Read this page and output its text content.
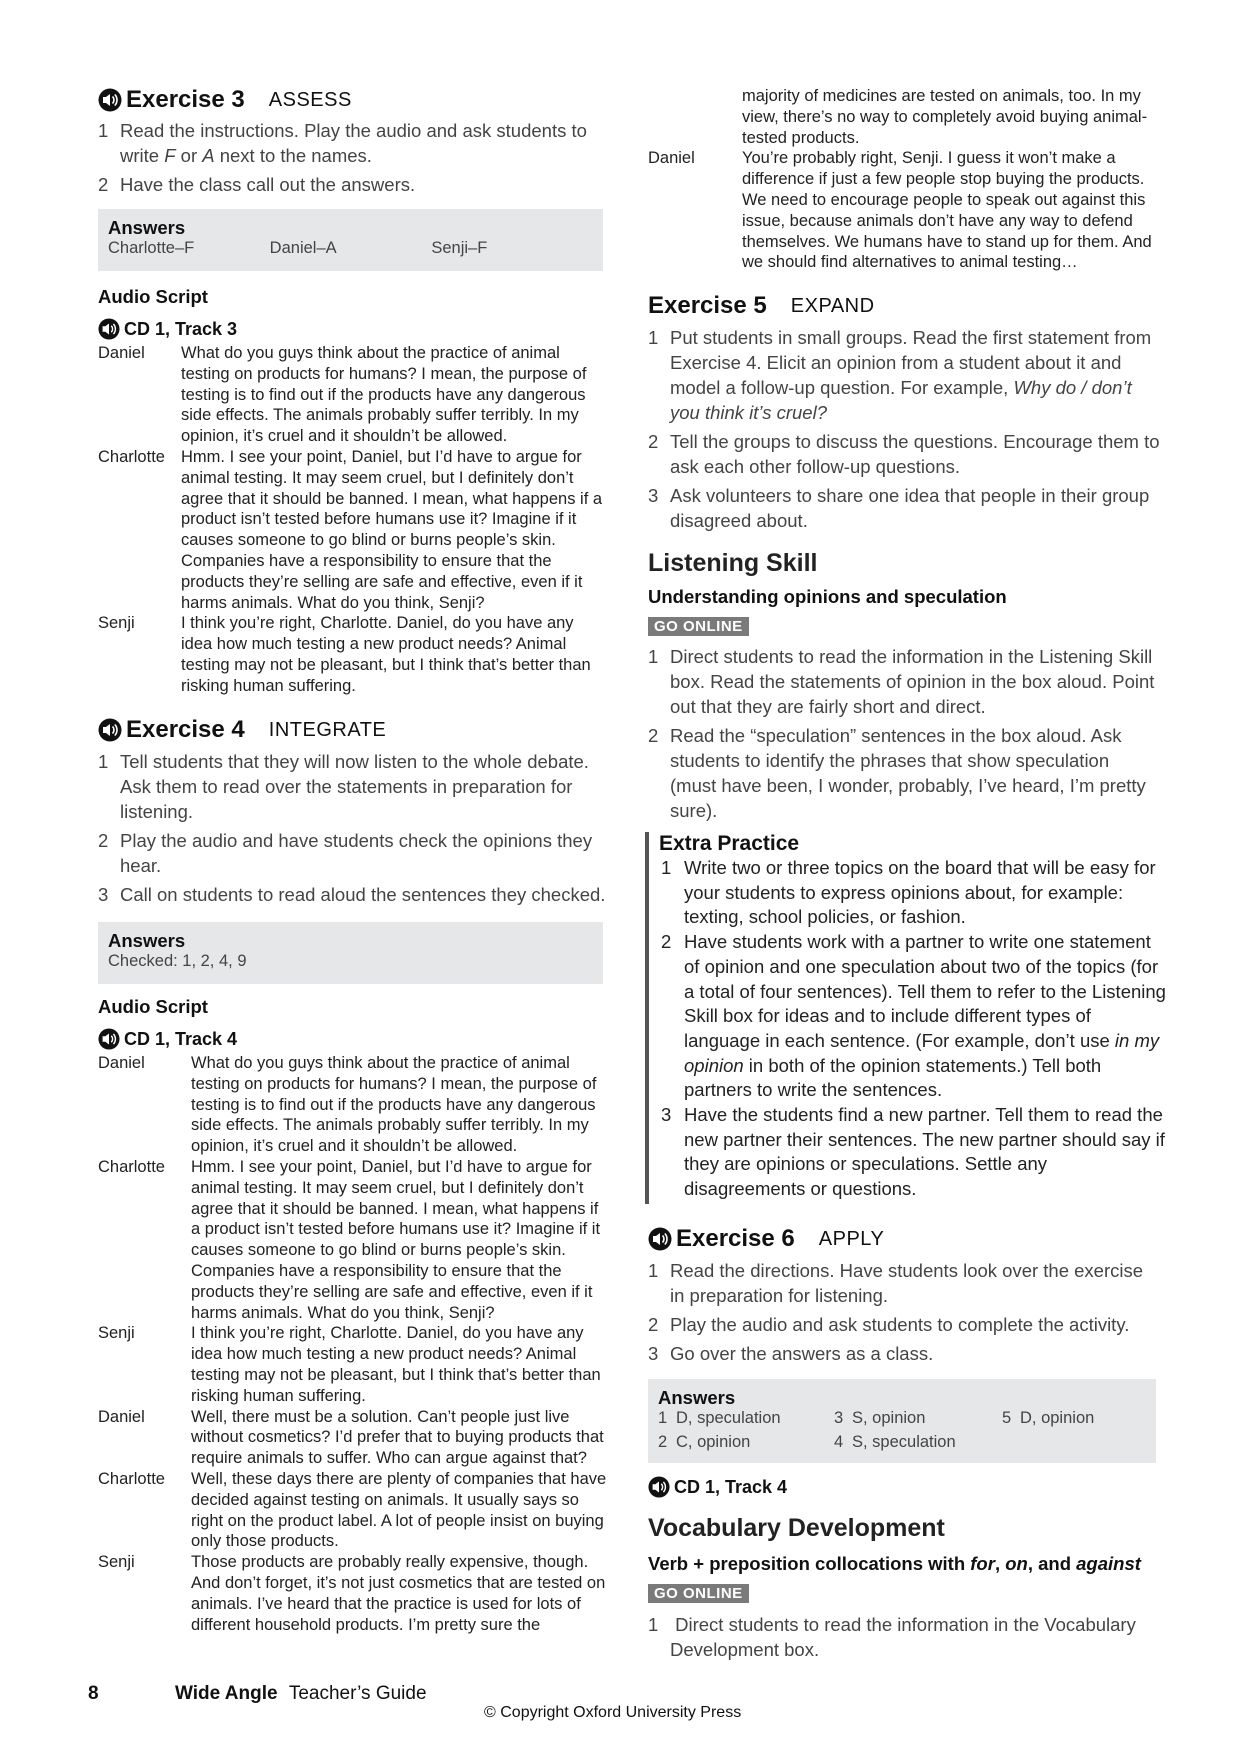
Exercise 3 ASSESS
1 Read the instructions. Play the audio and ask students to write F or A next to the names.
2 Have the class call out the answers.
Answers
Charlotte–F	Daniel–A	Senji–F
Audio Script
CD 1, Track 3
Daniel What do you guys think about the practice of animal testing on products for humans? I mean, the purpose of testing is to find out if the products have any dangerous side effects. The animals probably suffer terribly. In my opinion, it’s cruel and it shouldn’t be allowed.
Charlotte Hmm. I see your point, Daniel, but I’d have to argue for animal testing. It may seem cruel, but I definitely don’t agree that it should be banned. I mean, what happens if a product isn’t tested before humans use it? Imagine if it causes someone to go blind or burns people’s skin. Companies have a responsibility to ensure that the products they’re selling are safe and effective, even if it harms animals. What do you think, Senji?
Senji	I think you’re right, Charlotte. Daniel, do you have any idea how much testing a new product needs? Animal testing may not be pleasant, but I think that’s better than risking human suffering.
Exercise 4 INTEGRATE
1 Tell students that they will now listen to the whole debate. Ask them to read over the statements in preparation for listening.
2 Play the audio and have students check the opinions they hear.
3 Call on students to read aloud the sentences they checked.
Answers
Checked: 1, 2, 4, 9
Audio Script
CD 1, Track 4
Daniel	What do you guys think about the practice of animal testing on products for humans? I mean, the purpose of testing is to find out if the products have any dangerous side effects. The animals probably suffer terribly. In my opinion, it’s cruel and it shouldn’t be allowed.
Charlotte Hmm. I see your point, Daniel, but I’d have to argue for animal testing. It may seem cruel, but I definitely don’t agree that it should be banned. I mean, what happens if a product isn’t tested before humans use it? Imagine if it causes someone to go blind or burns people’s skin. Companies have a responsibility to ensure that the products they’re selling are safe and effective, even if it harms animals. What do you think, Senji?
Senji	I think you’re right, Charlotte. Daniel, do you have any idea how much testing a new product needs? Animal testing may not be pleasant, but I think that’s better than risking human suffering.
Daniel	Well, there must be a solution. Can’t people just live without cosmetics? I’d prefer that to buying products that require animals to suffer. Who can argue against that?
Charlotte Well, these days there are plenty of companies that have decided against testing on animals. It usually says so right on the product label. A lot of people insist on buying only those products.
Senji	Those products are probably really expensive, though. And don’t forget, it’s not just cosmetics that are tested on animals. I’ve heard that the practice is used for lots of different household products. I’m pretty sure the
majority of medicines are tested on animals, too. In my view, there’s no way to completely avoid buying animal-tested products.
Daniel	You’re probably right, Senji. I guess it won’t make a difference if just a few people stop buying the products. We need to encourage people to speak out against this issue, because animals don’t have any way to defend themselves. We humans have to stand up for them. And we should find alternatives to animal testing…
Exercise 5 EXPAND
1 Put students in small groups. Read the first statement from Exercise 4. Elicit an opinion from a student about it and model a follow-up question. For example, Why do / don’t you think it’s cruel?
2 Tell the groups to discuss the questions. Encourage them to ask each other follow-up questions.
3 Ask volunteers to share one idea that people in their group disagreed about.
Listening Skill
Understanding opinions and speculation
GO ONLINE
1 Direct students to read the information in the Listening Skill box. Read the statements of opinion in the box aloud. Point out that they are fairly short and direct.
2 Read the “speculation” sentences in the box aloud. Ask students to identify the phrases that show speculation (must have been, I wonder, probably, I’ve heard, I’m pretty sure).
Extra Practice
1 Write two or three topics on the board that will be easy for your students to express opinions about, for example: texting, school policies, or fashion.
2 Have students work with a partner to write one statement of opinion and one speculation about two of the topics (for a total of four sentences). Tell them to refer to the Listening Skill box for ideas and to include different types of language in each sentence. (For example, don’t use in my opinion in both of the opinion statements.) Tell both partners to write the sentences.
3 Have the students find a new partner. Tell them to read the new partner their sentences. The new partner should say if they are opinions or speculations. Settle any disagreements or questions.
Exercise 6 APPLY
1 Read the directions. Have students look over the exercise in preparation for listening.
2 Play the audio and ask students to complete the activity.
3 Go over the answers as a class.
Answers
1 D, speculation	3 S, opinion	5 D, opinion
2 C, opinion	4 S, speculation
CD 1, Track 4
Vocabulary Development
Verb + preposition collocations with for, on, and against
GO ONLINE
1 Direct students to read the information in the Vocabulary Development box.
8	Wide Angle Teacher’s Guide
© Copyright Oxford University Press
